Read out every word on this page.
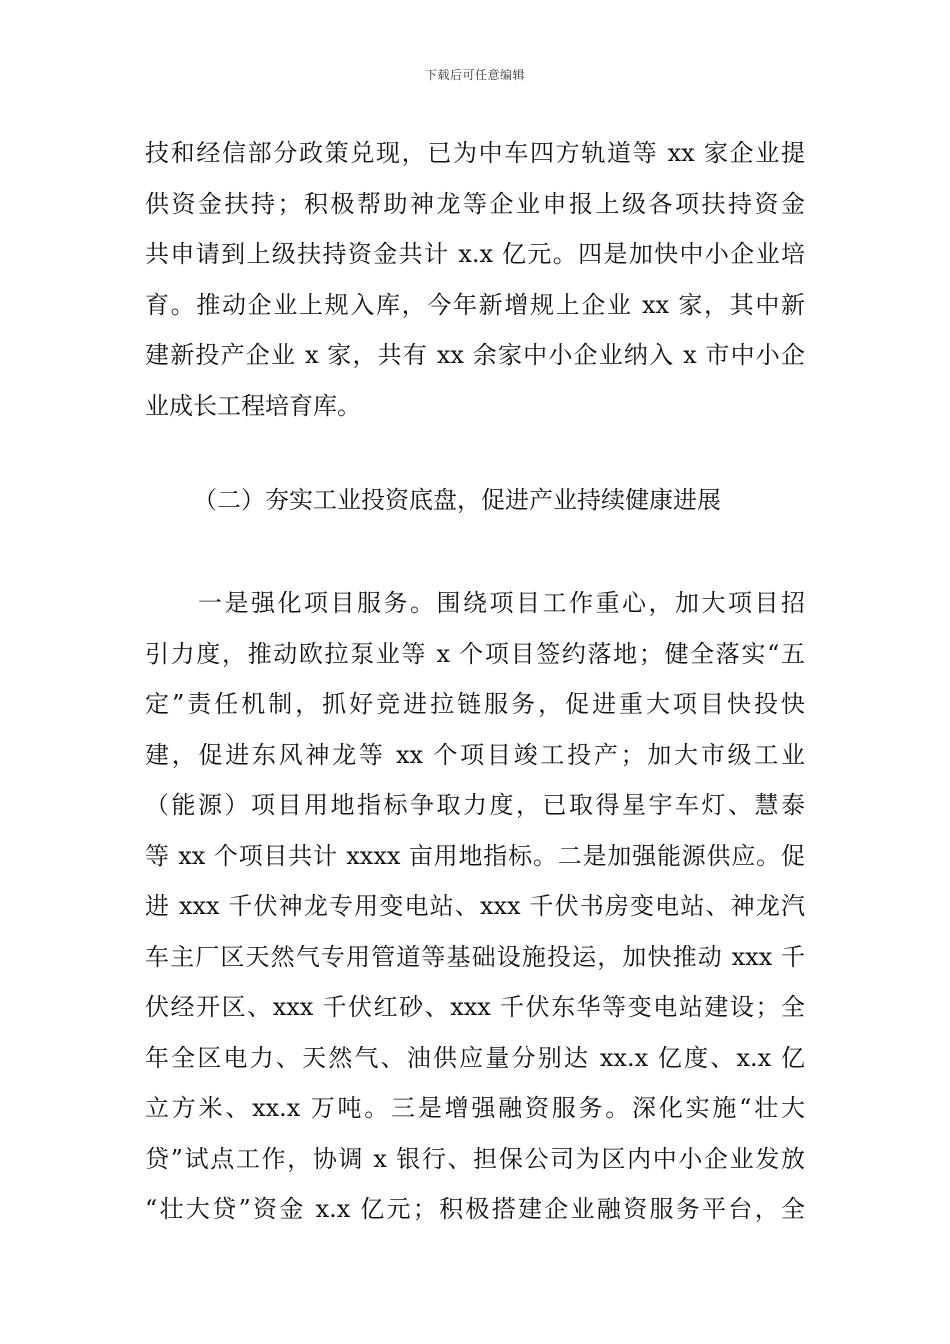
下载后可任意编辑
技和经信部分政策兑现，已为中车四方轨道等 xx 家企业提
供资金扶持；积极帮助神龙等企业申报上级各项扶持资金
共申请到上级扶持资金共计 x.x 亿元。四是加快中小企业培
育。推动企业上规入库，今年新增规上企业 xx 家，其中新
建新投产企业 x 家，共有 xx 余家中小企业纳入 x 市中小企
业成长工程培育库。
（二）夯实工业投资底盘，促进产业持续健康进展
　　一是强化项目服务。围绕项目工作重心，加大项目招
引力度，推动欧拉泵业等 x 个项目签约落地；健全落实“五
定”责任机制，抓好竞进拉链服务，促进重大项目快投快
建，促进东风神龙等 xx 个项目竣工投产；加大市级工业
（能源）项目用地指标争取力度，已取得星宇车灯、慧泰
等 xx 个项目共计 xxxx 亩用地指标。二是加强能源供应。促
进 xxx 千伏神龙专用变电站、xxx 千伏书房变电站、神龙汽
车主厂区天然气专用管道等基础设施投运，加快推动 xxx 千
伏经开区、xxx 千伏红砂、xxx 千伏东华等变电站建设；全
年全区电力、天然气、油供应量分别达 xx.x 亿度、x.x 亿
立方米、xx.x 万吨。三是增强融资服务。深化实施“壮大
贷”试点工作，协调 x 银行、担保公司为区内中小企业发放
“壮大贷”资金 x.x 亿元；积极搭建企业融资服务平台，全
